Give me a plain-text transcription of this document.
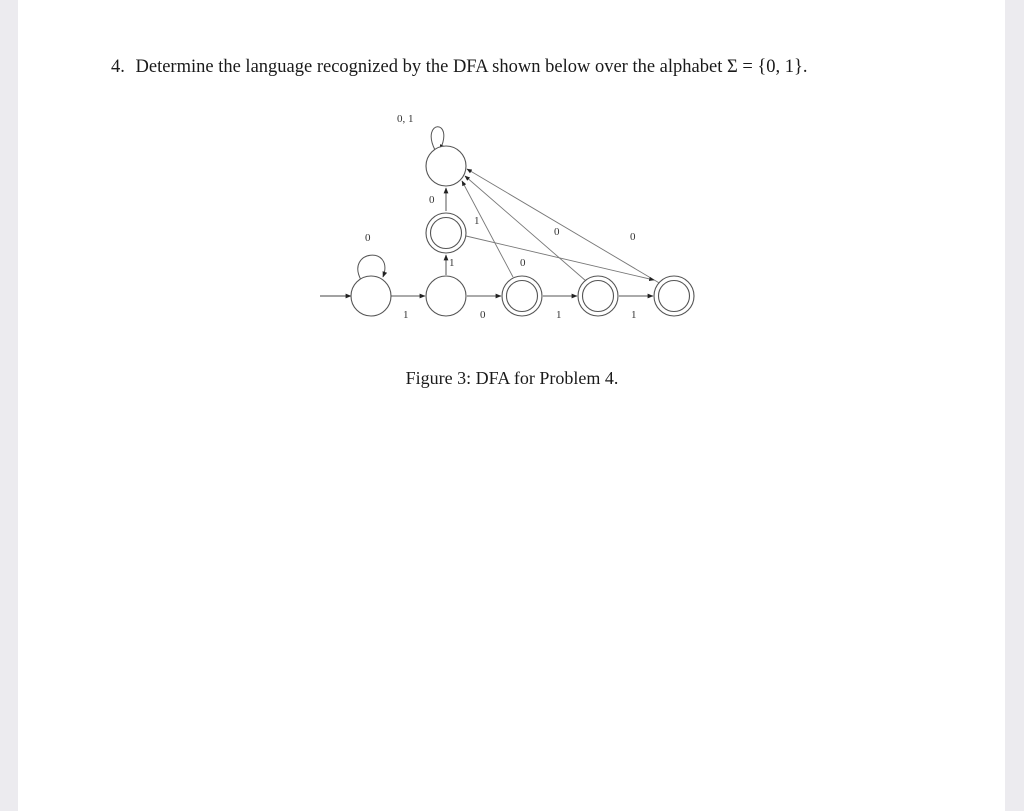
4. Determine the language recognized by the DFA shown below over the alphabet Σ = {0, 1}.
0, 1
0
1	0	1	1
1
0
1
0
0	0
Figure 3: DFA for Problem 4.
